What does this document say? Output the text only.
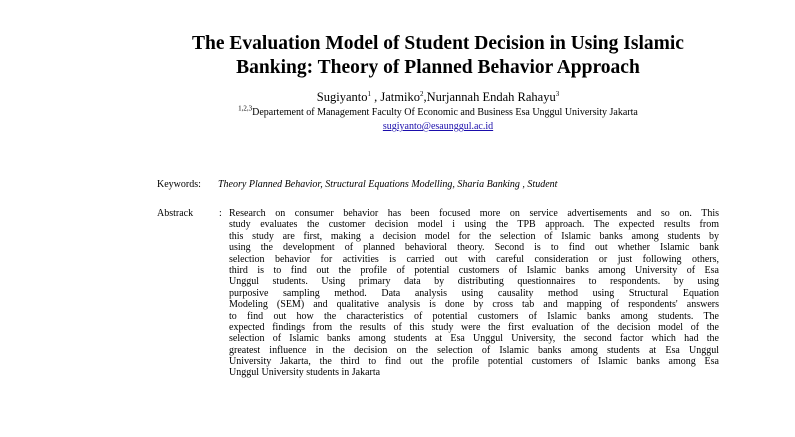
The Evaluation Model of Student Decision in Using Islamic
Banking: Theory of Planned Behavior Approach
Sugiyanto$^1$ , Jatmiko$^2$,Nurjannah Endah Rahayu$^3$
$^{1,2,3}$Departement of Management Faculty Of Economic and Business Esa Unggul University Jakarta
sugiyanto@esaunggul.ac.id
Keywords: Theory Planned Behavior, Structural Equations Modelling, Sharia Banking , Student
Abstrack	: Research on consumer behavior has been focused more on service advertisements and so on. This
study evaluates the customer decision model i using the TPB approach. The expected results from
this study are first, making a decision model for the selection of Islamic banks among students by
using the development of planned behavioral theory. Second is to find out whether Islamic bank
selection behavior for activities is carried out with careful consideration or just following others,
third is to find out the profile of potential customers of Islamic banks among University of Esa
Unggul students. Using primary data by distributing questionnaires to respondents. by using
purposive sampling method. Data analysis using causality method using Structural Equation
Modeling (SEM) and qualitative analysis is done by cross tab and mapping of respondents' answers
to find out how the characteristics of potential customers of Islamic banks among students. The
expected findings from the results of this study were the first evaluation of the decision model of the
selection of Islamic banks among students at Esa Unggul University, the second factor which had the
greatest influence in the decision on the selection of Islamic banks among students at Esa Unggul
University Jakarta, the third to find out the profile potential customers of Islamic banks among Esa
Unggul University students in Jakarta
